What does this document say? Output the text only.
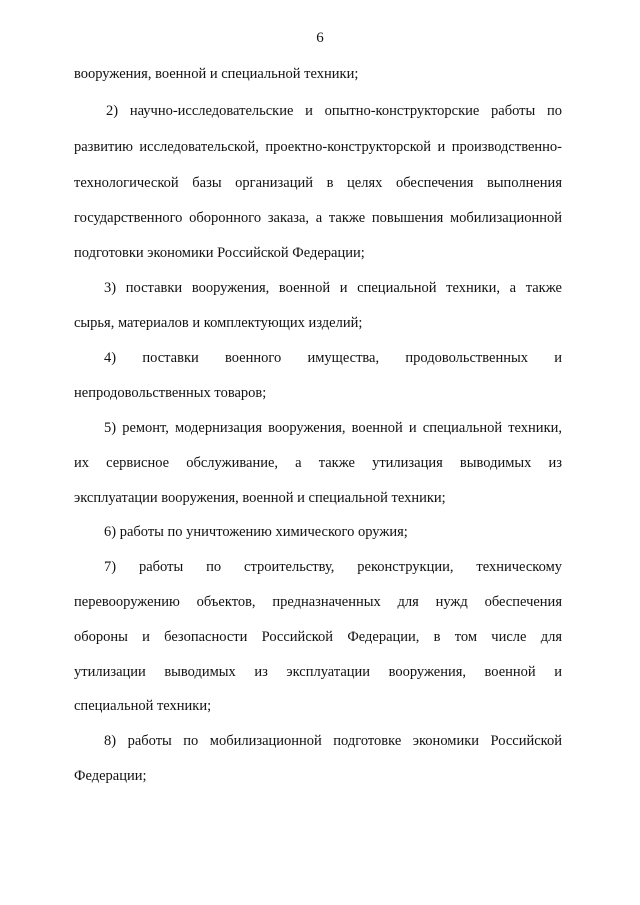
6
вооружения, военной и специальной техники;
2) научно-исследовательские и опытно-конструкторские работы по
развитию исследовательской, проектно-конструкторской и производственно-
технологической базы организаций в целях обеспечения выполнения
государственного оборонного заказа, а также повышения мобилизационной
подготовки экономики Российской Федерации;
3) поставки вооружения, военной и специальной техники, а также
сырья, материалов и комплектующих изделий;
4) поставки военного имущества, продовольственных и
непродовольственных товаров;
5) ремонт, модернизация вооружения, военной и специальной техники,
их сервисное обслуживание, а также утилизация выводимых из
эксплуатации вооружения, военной и специальной техники;
6) работы по уничтожению химического оружия;
7) работы по строительству, реконструкции, техническому
перевооружению объектов, предназначенных для нужд обеспечения
обороны и безопасности Российской Федерации, в том числе для
утилизации выводимых из эксплуатации вооружения, военной и
специальной техники;
8) работы по мобилизационной подготовке экономики Российской
Федерации;
